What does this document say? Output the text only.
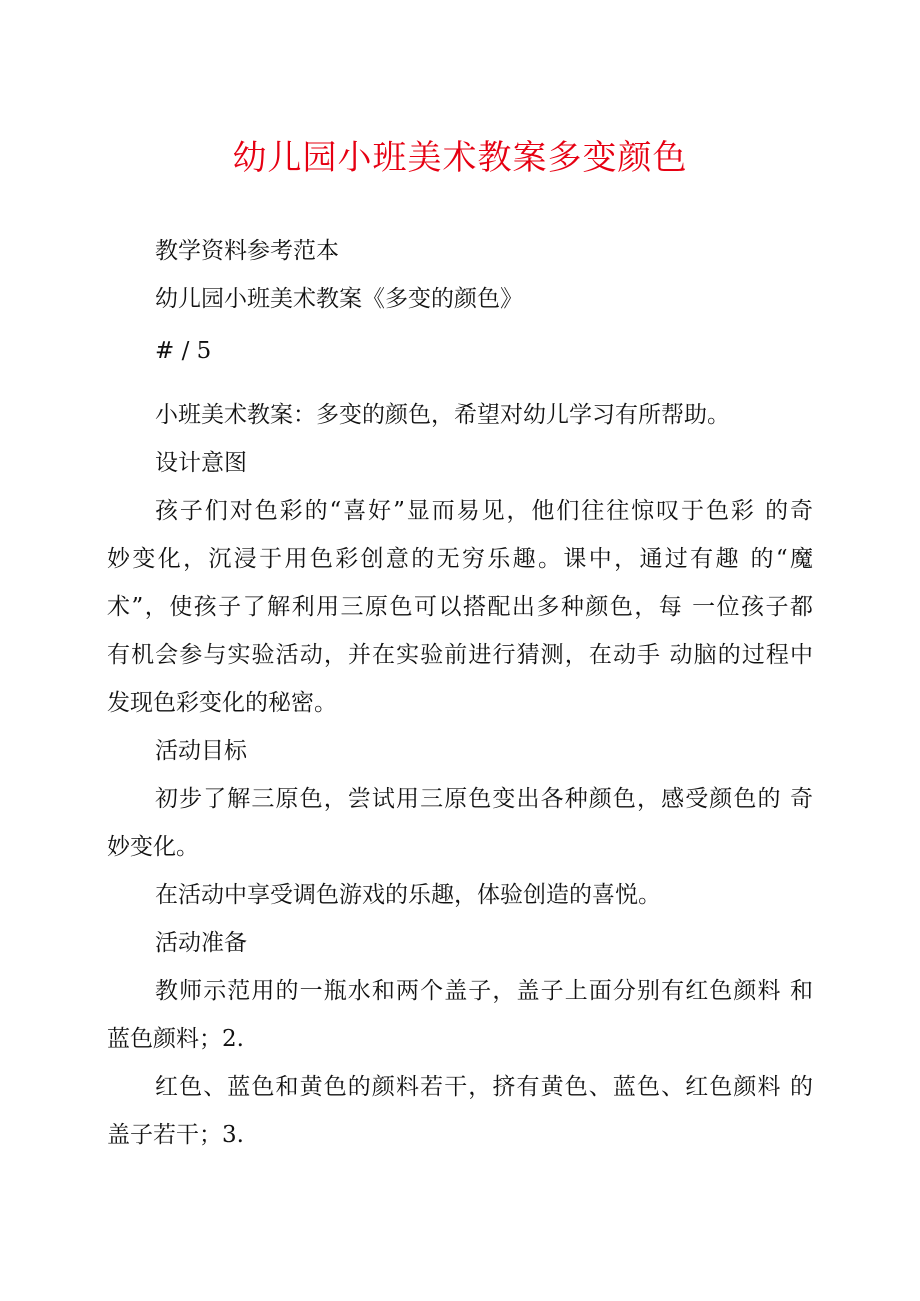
幼儿园小班美术教案多变颜色
教学资料参考范本
幼儿园小班美术教案《多变的颜色》
# / 5
小班美术教案：多变的颜色，希望对幼儿学习有所帮助。
设计意图
孩子们对色彩的“喜好”显而易见，他们往往惊叹于色彩 的奇
妙变化，沉浸于用色彩创意的无穷乐趣。课中，通过有趣 的“魔
术”，使孩子了解利用三原色可以搭配出多种颜色，每 一位孩子都
有机会参与实验活动，并在实验前进行猜测，在动手 动脑的过程中
发现色彩变化的秘密。
活动目标
初步了解三原色，尝试用三原色变出各种颜色，感受颜色的 奇
妙变化。
在活动中享受调色游戏的乐趣，体验创造的喜悦。
活动准备
教师示范用的一瓶水和两个盖子，盖子上面分别有红色颜料 和
蓝色颜料；2.
红色、蓝色和黄色的颜料若干，挤有黄色、蓝色、红色颜料 的
盖子若干；3.
